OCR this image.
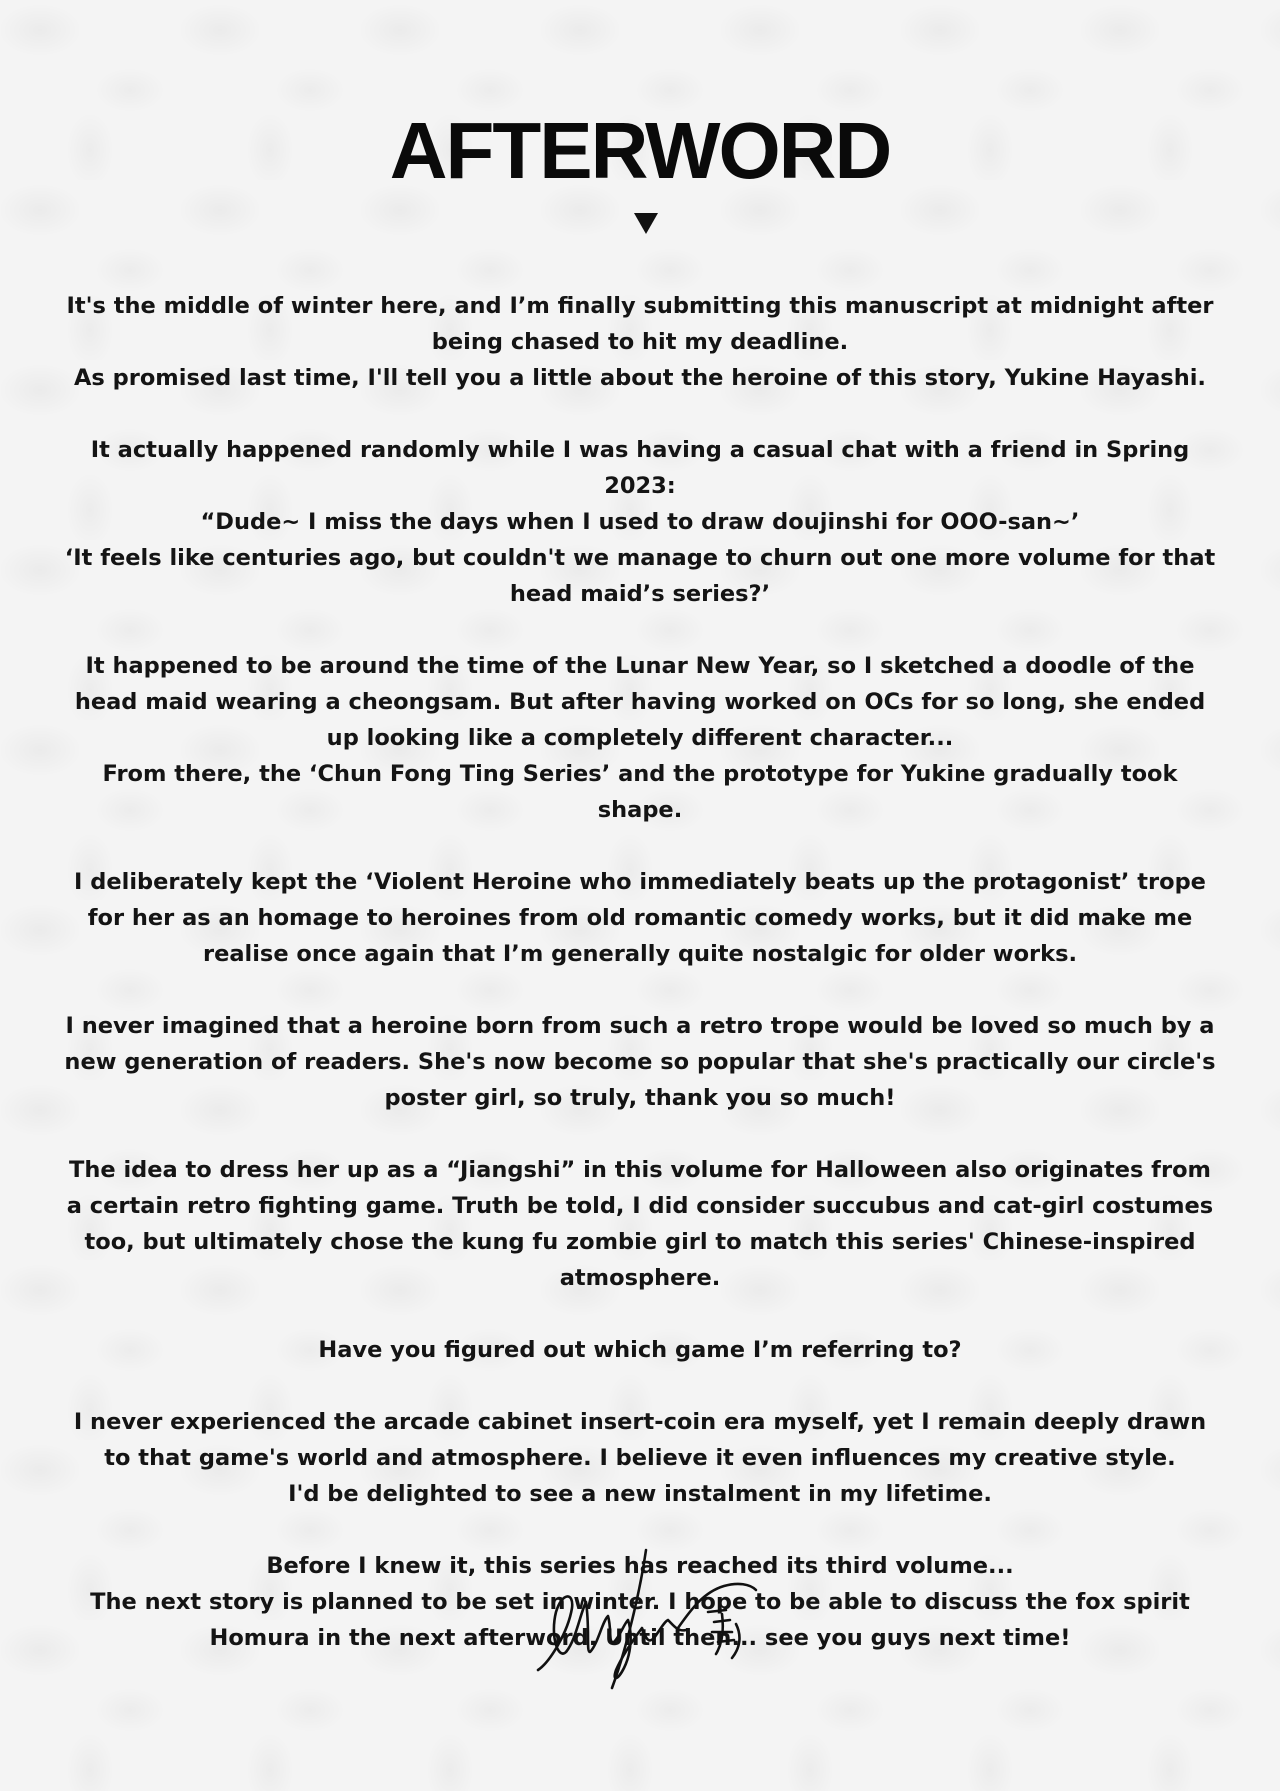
AFTERWORD
It's the middle of winter here, and I’m finally submitting this manuscript at midnight after being chased to hit my deadline.
As promised last time, I'll tell you a little about the heroine of this story, Yukine Hayashi.
It actually happened randomly while I was having a casual chat with a friend in Spring 2023:
“Dude~ I miss the days when I used to draw doujinshi for OOO-san~’
‘It feels like centuries ago, but couldn't we manage to churn out one more volume for that head maid’s series?’
It happened to be around the time of the Lunar New Year, so I sketched a doodle of the head maid wearing a cheongsam. But after having worked on OCs for so long, she ended up looking like a completely different character...
From there, the ‘Chun Fong Ting Series’ and the prototype for Yukine gradually took shape.
I deliberately kept the ‘Violent Heroine who immediately beats up the protagonist’ trope for her as an homage to heroines from old romantic comedy works, but it did make me realise once again that I’m generally quite nostalgic for older works.
I never imagined that a heroine born from such a retro trope would be loved so much by a new generation of readers. She's now become so popular that she's practically our circle's poster girl, so truly, thank you so much!
The idea to dress her up as a “Jiangshi” in this volume for Halloween also originates from a certain retro fighting game. Truth be told, I did consider succubus and cat-girl costumes too, but ultimately chose the kung fu zombie girl to match this series' Chinese-inspired atmosphere.
Have you figured out which game I’m referring to?
I never experienced the arcade cabinet insert-coin era myself, yet I remain deeply drawn to that game's world and atmosphere. I believe it even influences my creative style.
I'd be delighted to see a new instalment in my lifetime.
Before I knew it, this series has reached its third volume...
The next story is planned to be set in winter. I hope to be able to discuss the fox spirit Homura in the next afterword. Until then... see you guys next time!
